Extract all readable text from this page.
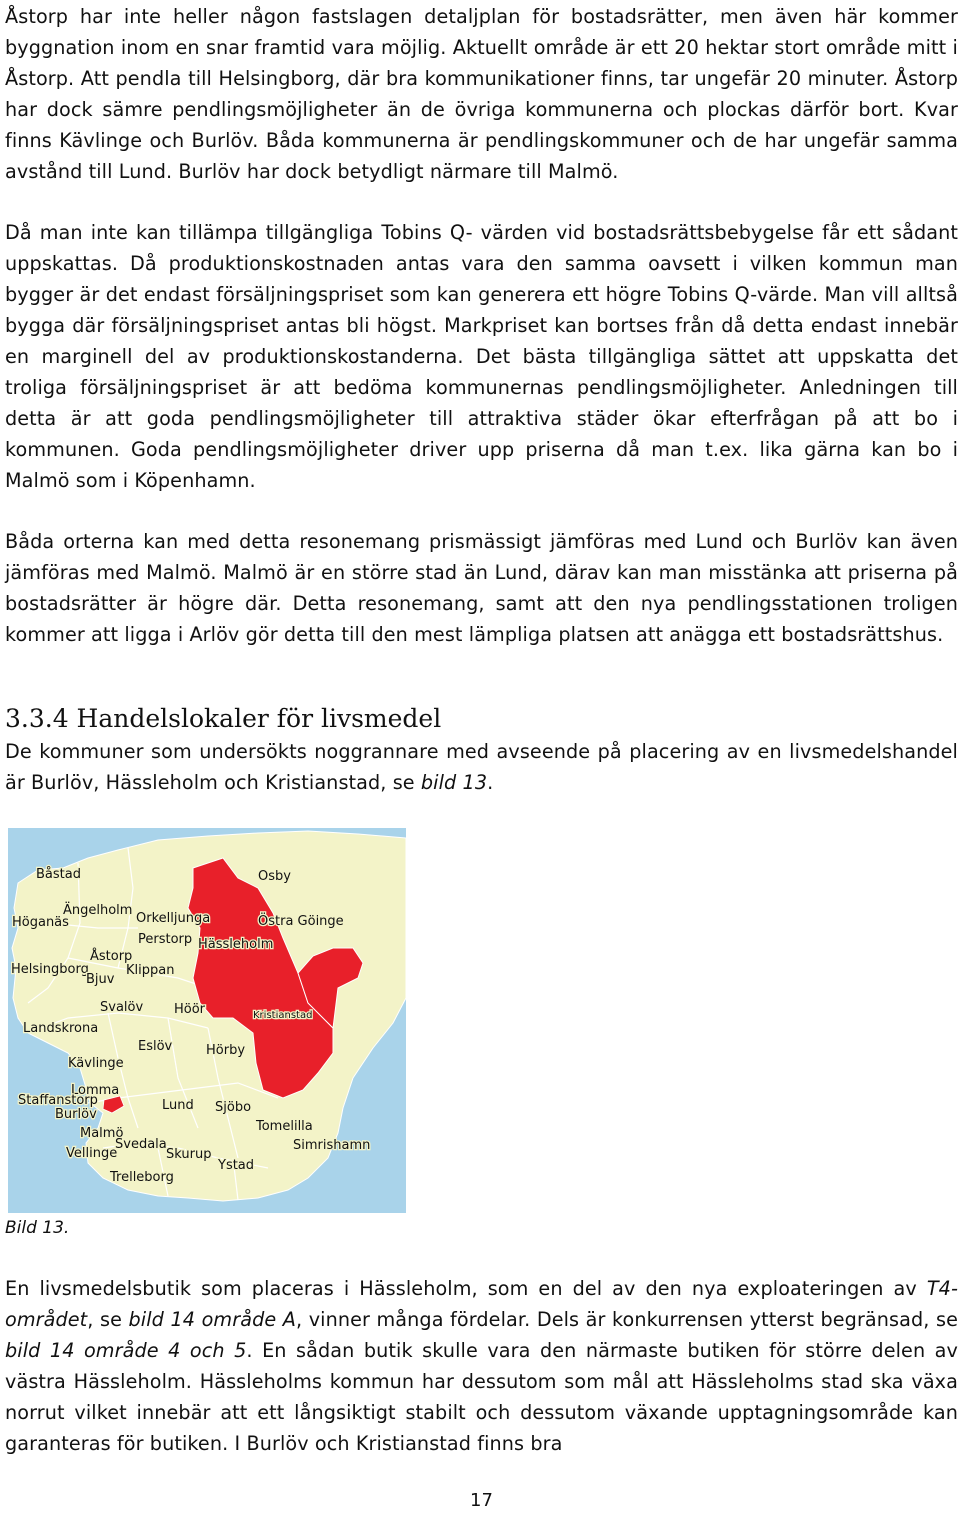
Åstorp har inte heller någon fastslagen detaljplan för bostadsrätter, men även här kommer byggnation inom en snar framtid vara möjlig. Aktuellt område är ett 20 hektar stort område mitt i Åstorp. Att pendla till Helsingborg, där bra kommunikationer finns, tar ungefär 20 minuter. Åstorp har dock sämre pendlingsmöjligheter än de övriga kommunerna och plockas därför bort. Kvar finns Kävlinge och Burlöv. Båda kommunerna är pendlingskommuner och de har ungefär samma avstånd till Lund. Burlöv har dock betydligt närmare till Malmö.

Då man inte kan tillämpa tillgängliga Tobins Q- värden vid bostadsrättsbebygelse får ett sådant uppskattas. Då produktionskostnaden antas vara den samma oavsett i vilken kommun man bygger är det endast försäljningspriset som kan generera ett högre Tobins Q-värde. Man vill alltså bygga där försäljningspriset antas bli högst. Markpriset kan bortses från då detta endast innebär en marginell del av produktionskostanderna. Det bästa tillgängliga sättet att uppskatta det troliga försäljningspriset är att bedöma kommunernas pendlingsmöjligheter. Anledningen till detta är att goda pendlingsmöjligheter till attraktiva städer ökar efterfrågan på att bo i kommunen. Goda pendlingsmöjligheter driver upp priserna då man t.ex. lika gärna kan bo i Malmö som i Köpenhamn.

Båda orterna kan med detta resonemang prismässigt jämföras med Lund och Burlöv kan även jämföras med Malmö. Malmö är en större stad än Lund, därav kan man misstänka att priserna på bostadsrätter är högre där. Detta resonemang, samt att den nya pendlingsstationen troligen kommer att ligga i Arlöv gör detta till den mest lämpliga platsen att anägga ett bostadsrättshus.

3.3.4 Handelslokaler för livsmedel

De kommuner som undersökts noggrannare med avseende på placering av en livsmedelshandel är Burlöv, Hässleholm och Kristianstad, se bild 13.

Båstad	Osby
Ängelholm
Orkelljunga
Höganäs
Perstorp Hässleholm
Östra Göinge
Åstorp
Helsingborg
Bjuv
Klippan
Kristianstad
Svalöv Höör
Landskrona
Eslöv	Hörby
Kävlinge
Lomma
Staffanstorp
Burlöv
Lund Sjöbo
Malmö	Tomelilla
Svedala	Simrishamn
Vellinge	Skurup
Ystad
Trelleborg

Bild 13.

En livsmedelsbutik som placeras i Hässleholm, som en del av den nya exploateringen av T4-området, se bild 14 område A, vinner många fördelar. Dels är konkurrensen ytterst begränsad, se bild 14 område 4 och 5. En sådan butik skulle vara den närmaste butiken för större delen av västra Hässleholm. Hässleholms kommun har dessutom som mål att Hässleholms stad ska växa norrut vilket innebär att ett långsiktigt stabilt och dessutom växande upptagningsområde kan garanteras för butiken. I Burlöv och Kristianstad finns bra

17
